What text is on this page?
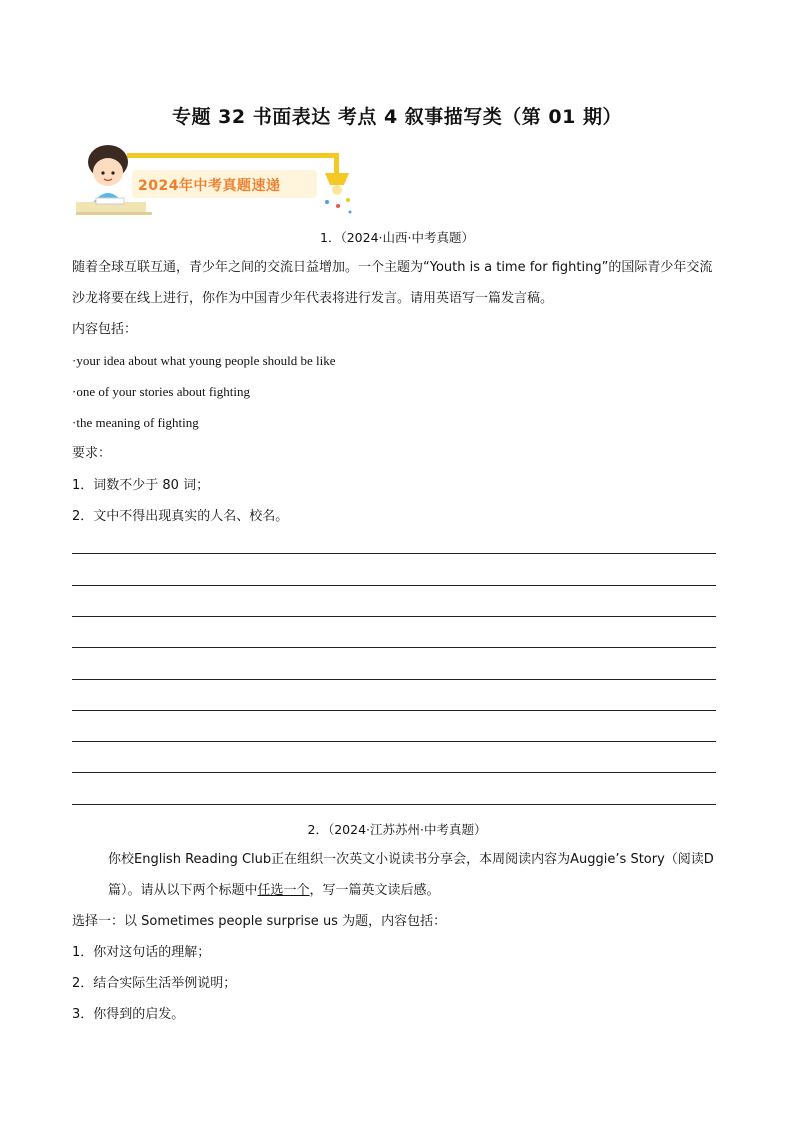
专题 32 书面表达 考点 4 叙事描写类（第 01 期）
2024年中考真题速递
1．（2024·山西·中考真题）
随着全球互联互通，青少年之间的交流日益增加。一个主题为“Youth is a time for fighting”的国际青少年交流
沙龙将要在线上进行，你作为中国青少年代表将进行发言。请用英语写一篇发言稿。
内容包括：
·your idea about what young people should be like
·one of your stories about fighting
·the meaning of fighting
要求：
1．词数不少于 80 词；
2．文中不得出现真实的人名、校名。
2．（2024·江苏苏州·中考真题）
你校English Reading Club正在组织一次英文小说读书分享会，本周阅读内容为Auggie’s Story（阅读D
篇）。请从以下两个标题中任选一个，写一篇英文读后感。
选择一：以 Sometimes people surprise us 为题，内容包括：
1．你对这句话的理解；
2．结合实际生活举例说明；
3．你得到的启发。
